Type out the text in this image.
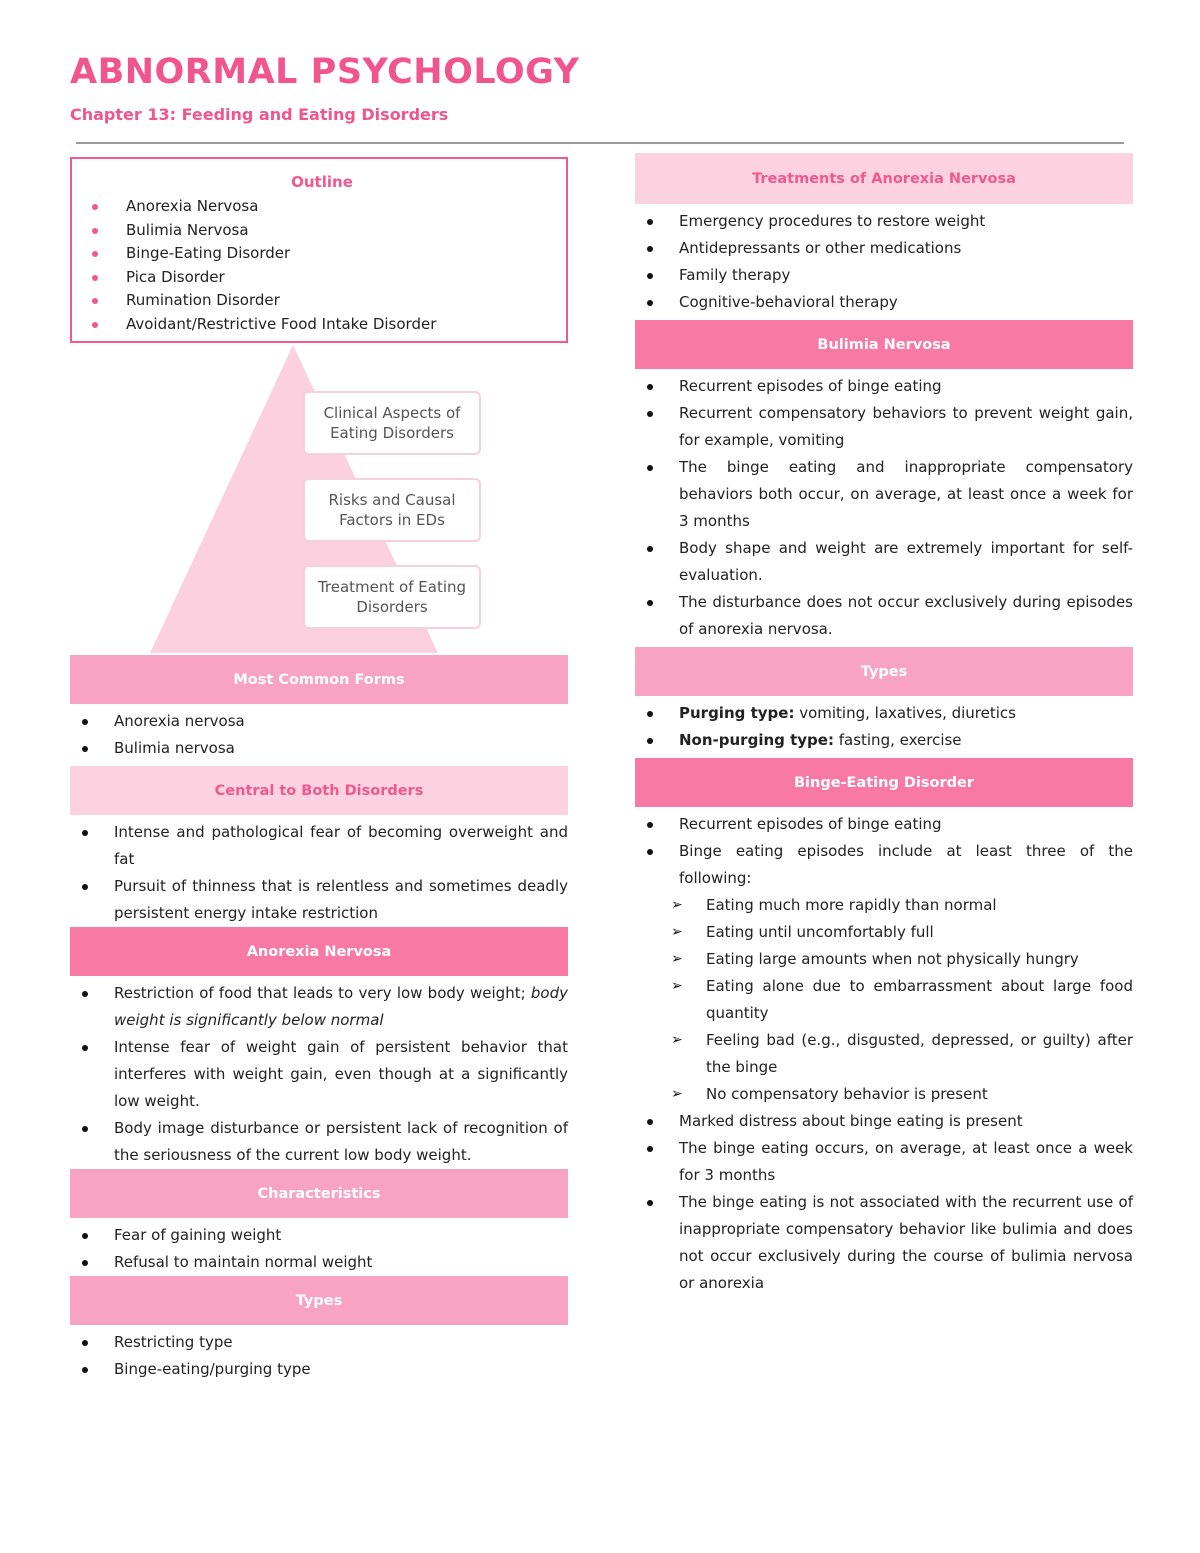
ABNORMAL PSYCHOLOGY
Chapter 13: Feeding and Eating Disorders
Outline
Anorexia Nervosa
Bulimia Nervosa
Binge-Eating Disorder
Pica Disorder
Rumination Disorder
Avoidant/Restrictive Food Intake Disorder
Clinical Aspects of Eating Disorders
Risks and Causal Factors in EDs
Treatment of Eating Disorders
Most Common Forms
Anorexia nervosa
Bulimia nervosa
Central to Both Disorders
Intense and pathological fear of becoming overweight and fat
Pursuit of thinness that is relentless and sometimes deadly persistent energy intake restriction
Anorexia Nervosa
Restriction of food that leads to very low body weight; body weight is significantly below normal
Intense fear of weight gain of persistent behavior that interferes with weight gain, even though at a significantly low weight.
Body image disturbance or persistent lack of recognition of the seriousness of the current low body weight.
Characteristics
Fear of gaining weight
Refusal to maintain normal weight
Types
Restricting type
Binge-eating/purging type
Treatments of Anorexia Nervosa
Emergency procedures to restore weight
Antidepressants or other medications
Family therapy
Cognitive-behavioral therapy
Bulimia Nervosa
Recurrent episodes of binge eating
Recurrent compensatory behaviors to prevent weight gain, for example, vomiting
The binge eating and inappropriate compensatory behaviors both occur, on average, at least once a week for 3 months
Body shape and weight are extremely important for self-evaluation.
The disturbance does not occur exclusively during episodes of anorexia nervosa.
Types
Purging type: vomiting, laxatives, diuretics
Non-purging type: fasting, exercise
Binge-Eating Disorder
Recurrent episodes of binge eating
Binge eating episodes include at least three of the following:
➢ Eating much more rapidly than normal
➢ Eating until uncomfortably full
➢ Eating large amounts when not physically hungry
➢ Eating alone due to embarrassment about large food quantity
➢ Feeling bad (e.g., disgusted, depressed, or guilty) after the binge
➢ No compensatory behavior is present
Marked distress about binge eating is present
The binge eating occurs, on average, at least once a week for 3 months
The binge eating is not associated with the recurrent use of inappropriate compensatory behavior like bulimia and does not occur exclusively during the course of bulimia nervosa or anorexia
